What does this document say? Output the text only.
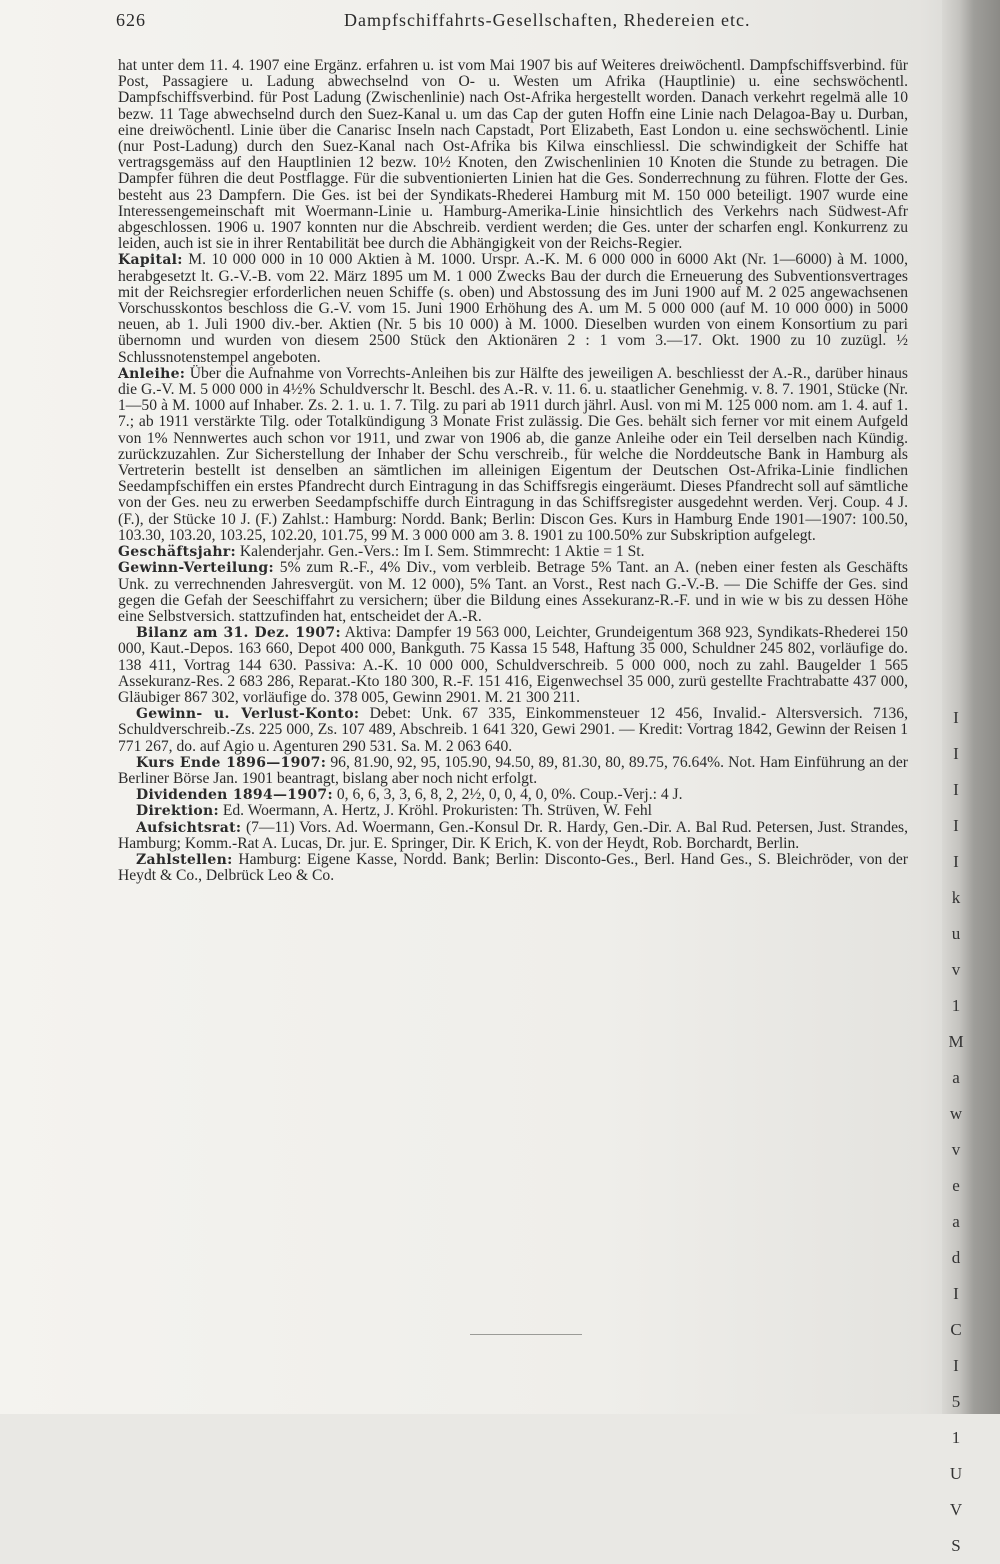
I
I
I
I
I
k
u
v
1
M
a
w
v
e
a
d
I
C
I
5
1
U
V
S
626	Dampfschiffahrts-Gesellschaften, Rhedereien etc.

hat unter dem 11. 4. 1907 eine Ergänz. erfahren u. ist vom Mai 1907 bis auf Weiteres dreiwöchentl. Dampfschiffsverbind. für Post, Passagiere u. Ladung abwechselnd von O- u. Westen um Afrika (Hauptlinie) u. eine sechswöchentl. Dampfschiffsverbind. für Post Ladung (Zwischenlinie) nach Ost-Afrika hergestellt worden. Danach verkehrt regelmä alle 10 bezw. 11 Tage abwechselnd durch den Suez-Kanal u. um das Cap der guten Hoffn eine Linie nach Delagoa-Bay u. Durban, eine dreiwöchentl. Linie über die Canarisc Inseln nach Capstadt, Port Elizabeth, East London u. eine sechswöchentl. Linie (nur Post-Ladung) durch den Suez-Kanal nach Ost-Afrika bis Kilwa einschliessl. Die schwindigkeit der Schiffe hat vertragsgemäss auf den Hauptlinien 12 bezw. 10½ Knoten, den Zwischenlinien 10 Knoten die Stunde zu betragen. Die Dampfer führen die deut Postflagge. Für die subventionierten Linien hat die Ges. Sonderrechnung zu führen. Flotte der Ges. besteht aus 23 Dampfern. Die Ges. ist bei der Syndikats-Rhederei Hamburg mit M. 150 000 beteiligt. 1907 wurde eine Interessengemeinschaft mit Woermann-Linie u. Hamburg-Amerika-Linie hinsichtlich des Verkehrs nach Südwest-Afr abgeschlossen. 1906 u. 1907 konnten nur die Abschreib. verdient werden; die Ges. unter der scharfen engl. Konkurrenz zu leiden, auch ist sie in ihrer Rentabilität bee durch die Abhängigkeit von der Reichs-Regier.

Kapital: M. 10 000 000 in 10 000 Aktien à M. 1000. Urspr. A.-K. M. 6 000 000 in 6000 Akt (Nr. 1—6000) à M. 1000, herabgesetzt lt. G.-V.-B. vom 22. März 1895 um M. 1 000 Zwecks Bau der durch die Erneuerung des Subventionsvertrages mit der Reichsregier erforderlichen neuen Schiffe (s. oben) und Abstossung des im Juni 1900 auf M. 2 025 angewachsenen Vorschusskontos beschloss die G.-V. vom 15. Juni 1900 Erhöhung des A. um M. 5 000 000 (auf M. 10 000 000) in 5000 neuen, ab 1. Juli 1900 div.-ber. Aktien (Nr. 5 bis 10 000) à M. 1000. Dieselben wurden von einem Konsortium zu pari übernomn und wurden von diesem 2500 Stück den Aktionären 2 : 1 vom 3.—17. Okt. 1900 zu 10 zuzügl. ½ Schlussnotenstempel angeboten.

Anleihe: Über die Aufnahme von Vorrechts-Anleihen bis zur Hälfte des jeweiligen A. beschliesst der A.-R., darüber hinaus die G.-V. M. 5 000 000 in 4½% Schuldverschr lt. Beschl. des A.-R. v. 11. 6. u. staatlicher Genehmig. v. 8. 7. 1901, Stücke (Nr. 1—50 à M. 1000 auf Inhaber. Zs. 2. 1. u. 1. 7. Tilg. zu pari ab 1911 durch jährl. Ausl. von mi M. 125 000 nom. am 1. 4. auf 1. 7.; ab 1911 verstärkte Tilg. oder Totalkündigung 3 Monate Frist zulässig. Die Ges. behält sich ferner vor mit einem Aufgeld von 1% Nennwertes auch schon vor 1911, und zwar von 1906 ab, die ganze Anleihe oder ein Teil derselben nach Kündig. zurückzuzahlen. Zur Sicherstellung der Inhaber der Schu verschreib., für welche die Norddeutsche Bank in Hamburg als Vertreterin bestellt ist denselben an sämtlichen im alleinigen Eigentum der Deutschen Ost-Afrika-Linie findlichen Seedampfschiffen ein erstes Pfandrecht durch Eintragung in das Schiffsregis eingeräumt. Dieses Pfandrecht soll auf sämtliche von der Ges. neu zu erwerben Seedampfschiffe durch Eintragung in das Schiffsregister ausgedehnt werden. Verj. Coup. 4 J. (F.), der Stücke 10 J. (F.) Zahlst.: Hamburg: Nordd. Bank; Berlin: Discon Ges. Kurs in Hamburg Ende 1901—1907: 100.50, 103.30, 103.20, 103.25, 102.20, 101.75, 99 M. 3 000 000 am 3. 8. 1901 zu 100.50% zur Subskription aufgelegt.

Geschäftsjahr: Kalenderjahr. Gen.-Vers.: Im I. Sem. Stimmrecht: 1 Aktie = 1 St.

Gewinn-Verteilung: 5% zum R.-F., 4% Div., vom verbleib. Betrage 5% Tant. an A. (neben einer festen als Geschäfts Unk. zu verrechnenden Jahresvergüt. von M. 12 000), 5% Tant. an Vorst., Rest nach G.-V.-B. — Die Schiffe der Ges. sind gegen die Gefah der Seeschiffahrt zu versichern; über die Bildung eines Assekuranz-R.-F. und in wie w bis zu dessen Höhe eine Selbstversich. stattzufinden hat, entscheidet der A.-R.

Bilanz am 31. Dez. 1907: Aktiva: Dampfer 19 563 000, Leichter, Grundeigentum 368 923, Syndikats-Rhederei 150 000, Kaut.-Depos. 163 660, Depot 400 000, Bankguth. 75 Kassa 15 548, Haftung 35 000, Schuldner 245 802, vorläufige do. 138 411, Vortrag 144 630. Passiva: A.-K. 10 000 000, Schuldverschreib. 5 000 000, noch zu zahl. Baugelder 1 565 Assekuranz-Res. 2 683 286, Reparat.-Kto 180 300, R.-F. 151 416, Eigenwechsel 35 000, zurü gestellte Frachtrabatte 437 000, Gläubiger 867 302, vorläufige do. 378 005, Gewinn 2901. M. 21 300 211.

Gewinn- u. Verlust-Konto: Debet: Unk. 67 335, Einkommensteuer 12 456, Invalid.- Altersversich. 7136, Schuldverschreib.-Zs. 225 000, Zs. 107 489, Abschreib. 1 641 320, Gewi 2901. — Kredit: Vortrag 1842, Gewinn der Reisen 1 771 267, do. auf Agio u. Agenturen 290 531. Sa. M. 2 063 640.

Kurs Ende 1896—1907: 96, 81.90, 92, 95, 105.90, 94.50, 89, 81.30, 80, 89.75, 76.64%. Not. Ham Einführung an der Berliner Börse Jan. 1901 beantragt, bislang aber noch nicht erfolgt.

Dividenden 1894—1907: 0, 6, 6, 3, 3, 6, 8, 2, 2½, 0, 0, 4, 0, 0%. Coup.-Verj.: 4 J.

Direktion: Ed. Woermann, A. Hertz, J. Kröhl. Prokuristen: Th. Strüven, W. Fehl

Aufsichtsrat: (7—11) Vors. Ad. Woermann, Gen.-Konsul Dr. R. Hardy, Gen.-Dir. A. Bal Rud. Petersen, Just. Strandes, Hamburg; Komm.-Rat A. Lucas, Dr. jur. E. Springer, Dir. K Erich, K. von der Heydt, Rob. Borchardt, Berlin.

Zahlstellen: Hamburg: Eigene Kasse, Nordd. Bank; Berlin: Disconto-Ges., Berl. Hand Ges., S. Bleichröder, von der Heydt & Co., Delbrück Leo & Co.
